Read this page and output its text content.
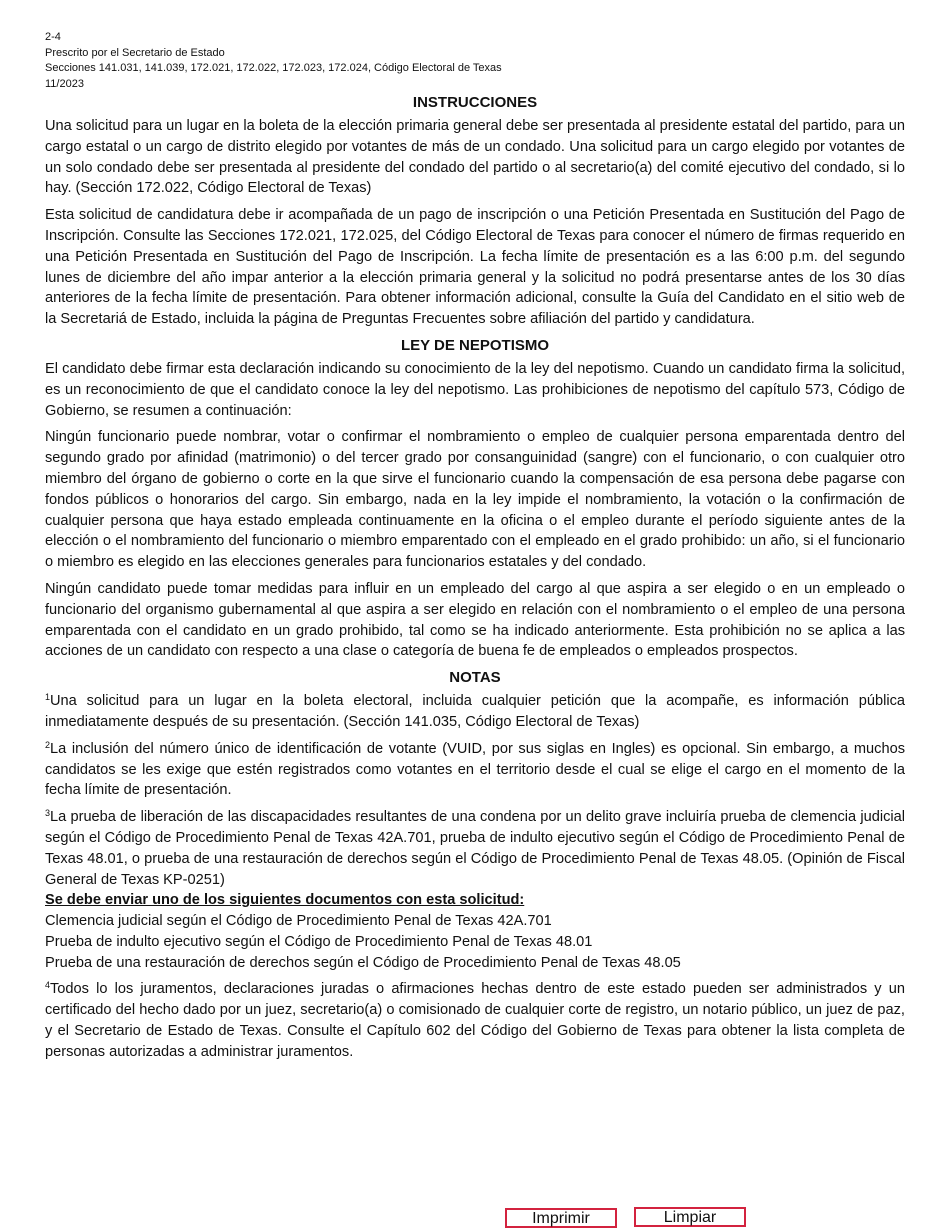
2-4
Prescrito por el Secretario de Estado
Secciones 141.031, 141.039, 172.021, 172.022, 172.023, 172.024, Código Electoral de Texas
11/2023
INSTRUCCIONES

Una solicitud para un lugar en la boleta de la elección primaria general debe ser presentada al presidente estatal del partido, para un cargo estatal o un cargo de distrito elegido por votantes de más de un condado. Una solicitud para un cargo elegido por votantes de un solo condado debe ser presentada al presidente del condado del partido o al secretario(a) del comité ejecutivo del condado, si lo hay. (Sección 172.022, Código Electoral de Texas)

Esta solicitud de candidatura debe ir acompañada de un pago de inscripción o una Petición Presentada en Sustitución del Pago de Inscripción. Consulte las Secciones 172.021, 172.025, del Código Electoral de Texas para conocer el número de firmas requerido en una Petición Presentada en Sustitución del Pago de Inscripción. La fecha límite de presentación es a las 6:00 p.m. del segundo lunes de diciembre del año impar anterior a la elección primaria general y la solicitud no podrá presentarse antes de los 30 días anteriores de la fecha límite de presentación. Para obtener información adicional, consulte la Guía del Candidato en el sitio web de la Secretariá de Estado, incluida la página de Preguntas Frecuentes sobre afiliación del partido y candidatura.

LEY DE NEPOTISMO

El candidato debe firmar esta declaración indicando su conocimiento de la ley del nepotismo. Cuando un candidato firma la solicitud, es un reconocimiento de que el candidato conoce la ley del nepotismo. Las prohibiciones de nepotismo del capítulo 573, Código de Gobierno, se resumen a continuación:

Ningún funcionario puede nombrar, votar o confirmar el nombramiento o empleo de cualquier persona emparentada dentro del segundo grado por afinidad (matrimonio) o del tercer grado por consanguinidad (sangre) con el funcionario, o con cualquier otro miembro del órgano de gobierno o corte en la que sirve el funcionario cuando la compensación de esa persona debe pagarse con fondos públicos o honorarios del cargo. Sin embargo, nada en la ley impide el nombramiento, la votación o la confirmación de cualquier persona que haya estado empleada continuamente en la oficina o el empleo durante el período siguiente antes de la elección o el nombramiento del funcionario o miembro emparentado con el empleado en el grado prohibido: un año, si el funcionario o miembro es elegido en las elecciones generales para funcionarios estatales y del condado.

Ningún candidato puede tomar medidas para influir en un empleado del cargo al que aspira a ser elegido o en un empleado o funcionario del organismo gubernamental al que aspira a ser elegido en relación con el nombramiento o el empleo de una persona emparentada con el candidato en un grado prohibido, tal como se ha indicado anteriormente. Esta prohibición no se aplica a las acciones de un candidato con respecto a una clase o categoría de buena fe de empleados o empleados prospectos.

NOTAS

$^1$Una solicitud para un lugar en la boleta electoral, incluida cualquier petición que la acompañe, es información pública inmediatamente después de su presentación. (Sección 141.035, Código Electoral de Texas)

$^2$La inclusión del número único de identificación de votante (VUID, por sus siglas en Ingles) es opcional. Sin embargo, a muchos candidatos se les exige que estén registrados como votantes en el territorio desde el cual se elige el cargo en el momento de la fecha límite de presentación.

$^3$La prueba de liberación de las discapacidades resultantes de una condena por un delito grave incluiría prueba de clemencia judicial según el Código de Procedimiento Penal de Texas 42A.701, prueba de indulto ejecutivo según el Código de Procedimiento Penal de Texas 48.01, o prueba de una restauración de derechos según el Código de Procedimiento Penal de Texas 48.05. (Opinión de Fiscal General de Texas KP-0251)

Se debe enviar uno de los siguientes documentos con esta solicitud:
Clemencia judicial según el Código de Procedimiento Penal de Texas 42A.701
Prueba de indulto ejecutivo según el Código de Procedimiento Penal de Texas 48.01
Prueba de una restauración de derechos según el Código de Procedimiento Penal de Texas 48.05

$^4$Todos lo los juramentos, declaraciones juradas o afirmaciones hechas dentro de este estado pueden ser administrados y un certificado del hecho dado por un juez, secretario(a) o comisionado de cualquier corte de registro, un notario público, un juez de paz, y el Secretario de Estado de Texas. Consulte el Capítulo 602 del Código del Gobierno de Texas para obtener la lista completa de personas autorizadas a administrar juramentos.

Imprimir	Limpiar
